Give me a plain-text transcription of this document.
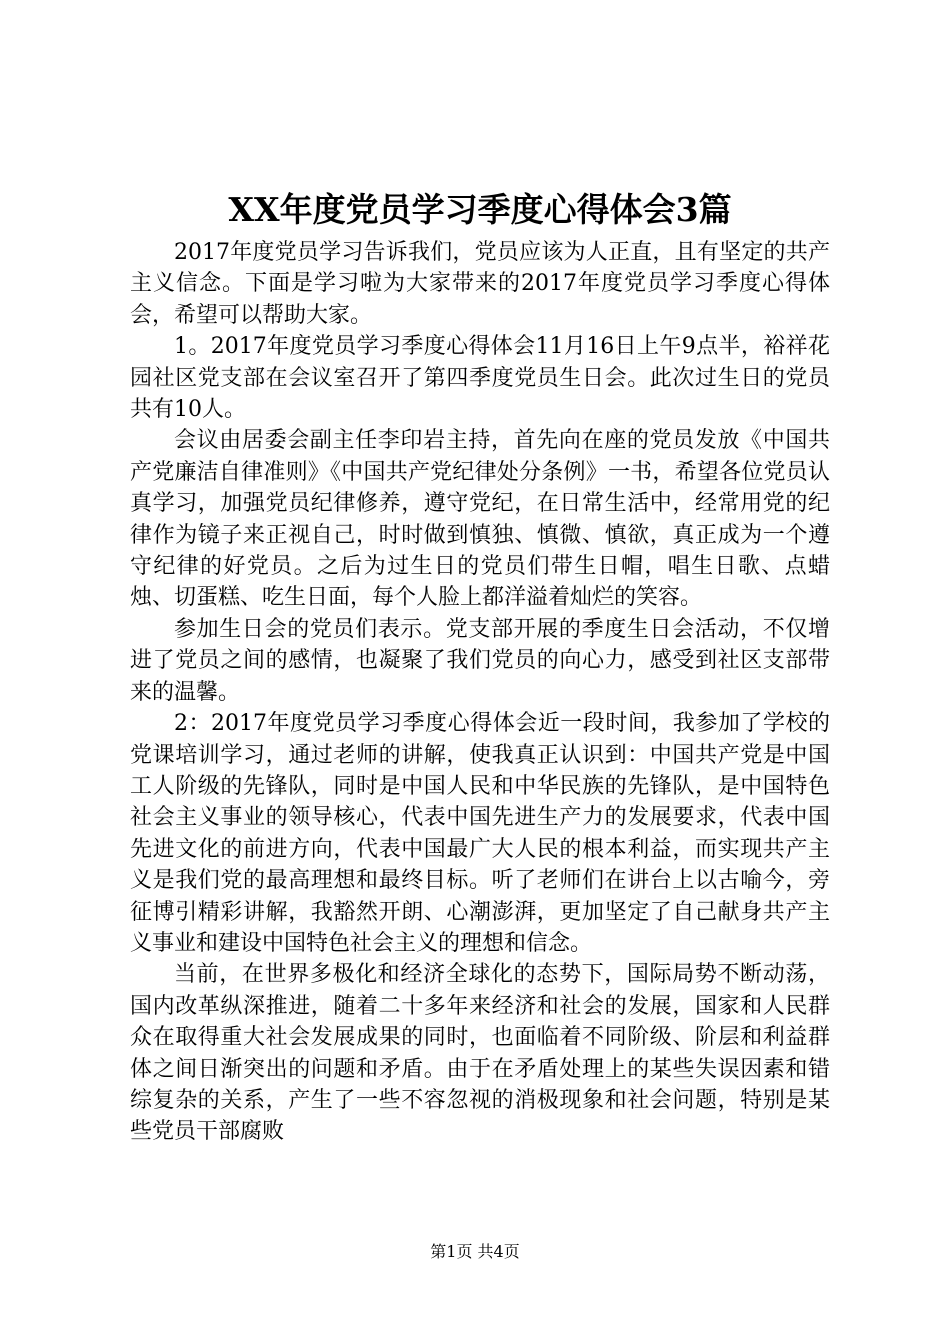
XX年度党员学习季度心得体会3篇

2017年度党员学习告诉我们，党员应该为人正直，且有坚定的共产主义信念。下面是学习啦为大家带来的2017年度党员学习季度心得体会，希望可以帮助大家。

1。2017年度党员学习季度心得体会11月16日上午9点半，裕祥花园社区党支部在会议室召开了第四季度党员生日会。此次过生日的党员共有10人。

会议由居委会副主任李印岩主持，首先向在座的党员发放《中国共产党廉洁自律准则》《中国共产党纪律处分条例》一书，希望各位党员认真学习，加强党员纪律修养，遵守党纪，在日常生活中，经常用党的纪律作为镜子来正视自己，时时做到慎独、慎微、慎欲，真正成为一个遵守纪律的好党员。之后为过生日的党员们带生日帽，唱生日歌、点蜡烛、切蛋糕、吃生日面，每个人脸上都洋溢着灿烂的笑容。

参加生日会的党员们表示。党支部开展的季度生日会活动，不仅增进了党员之间的感情，也凝聚了我们党员的向心力，感受到社区支部带来的温馨。

2：2017年度党员学习季度心得体会近一段时间，我参加了学校的党课培训学习，通过老师的讲解，使我真正认识到：中国共产党是中国工人阶级的先锋队，同时是中国人民和中华民族的先锋队，是中国特色社会主义事业的领导核心，代表中国先进生产力的发展要求，代表中国先进文化的前进方向，代表中国最广大人民的根本利益，而实现共产主义是我们党的最高理想和最终目标。听了老师们在讲台上以古喻今，旁征博引精彩讲解，我豁然开朗、心潮澎湃，更加坚定了自己献身共产主义事业和建设中国特色社会主义的理想和信念。

当前，在世界多极化和经济全球化的态势下，国际局势不断动荡，国内改革纵深推进，随着二十多年来经济和社会的发展，国家和人民群众在取得重大社会发展成果的同时，也面临着不同阶级、阶层和利益群体之间日渐突出的问题和矛盾。由于在矛盾处理上的某些失误因素和错综复杂的关系，产生了一些不容忽视的消极现象和社会问题，特别是某些党员干部腐败

第1页 共4页
